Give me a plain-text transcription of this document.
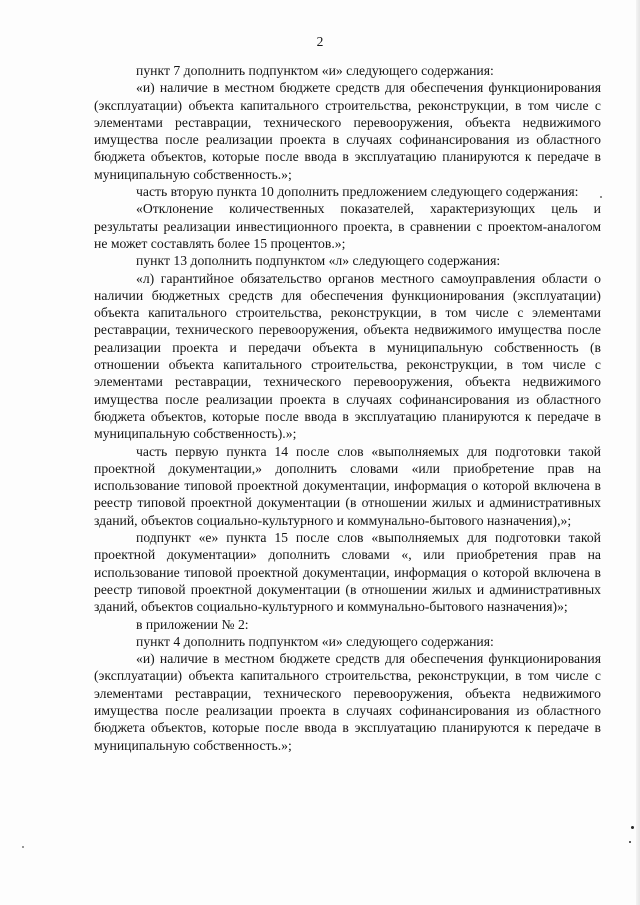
2

пункт 7 дополнить подпунктом «и» следующего содержания:

«и) наличие в местном бюджете средств для обеспечения функционирования (эксплуатации) объекта капитального строительства, реконструкции, в том числе с элементами реставрации, технического перевооружения, объекта недвижимого имущества после реализации проекта в случаях софинансирования из областного бюджета объектов, которые после ввода в эксплуатацию планируются к передаче в муниципальную собственность.»;

часть вторую пункта 10 дополнить предложением следующего содержания:

«Отклонение количественных показателей, характеризующих цель и результаты реализации инвестиционного проекта, в сравнении с проектом-аналогом не может составлять более 15 процентов.»;

пункт 13 дополнить подпунктом «л» следующего содержания:

«л) гарантийное обязательство органов местного самоуправления области о наличии бюджетных средств для обеспечения функционирования (эксплуатации) объекта капитального строительства, реконструкции, в том числе с элементами реставрации, технического перевооружения, объекта недвижимого имущества после реализации проекта и передачи объекта в муниципальную собственность (в отношении объекта капитального строительства, реконструкции, в том числе с элементами реставрации, технического перевооружения, объекта недвижимого имущества после реализации проекта в случаях софинансирования из областного бюджета объектов, которые после ввода в эксплуатацию планируются к передаче в муниципальную собственность).»;

часть первую пункта 14 после слов «выполняемых для подготовки такой проектной документации,» дополнить словами «или приобретение прав на использование типовой проектной документации, информация о которой включена в реестр типовой проектной документации (в отношении жилых и административных зданий, объектов социально-культурного и коммунально-бытового назначения),»;

подпункт «е» пункта 15 после слов «выполняемых для подготовки такой проектной документации» дополнить словами «, или приобретения прав на использование типовой проектной документации, информация о которой включена в реестр типовой проектной документации (в отношении жилых и административных зданий, объектов социально-культурного и коммунально-бытового назначения)»;

в приложении № 2:

пункт 4 дополнить подпунктом «и» следующего содержания:

«и) наличие в местном бюджете средств для обеспечения функционирования (эксплуатации) объекта капитального строительства, реконструкции, в том числе с элементами реставрации, технического перевооружения, объекта недвижимого имущества после реализации проекта в случаях софинансирования из областного бюджета объектов, которые после ввода в эксплуатацию планируются к передаче в муниципальную собственность.»;
